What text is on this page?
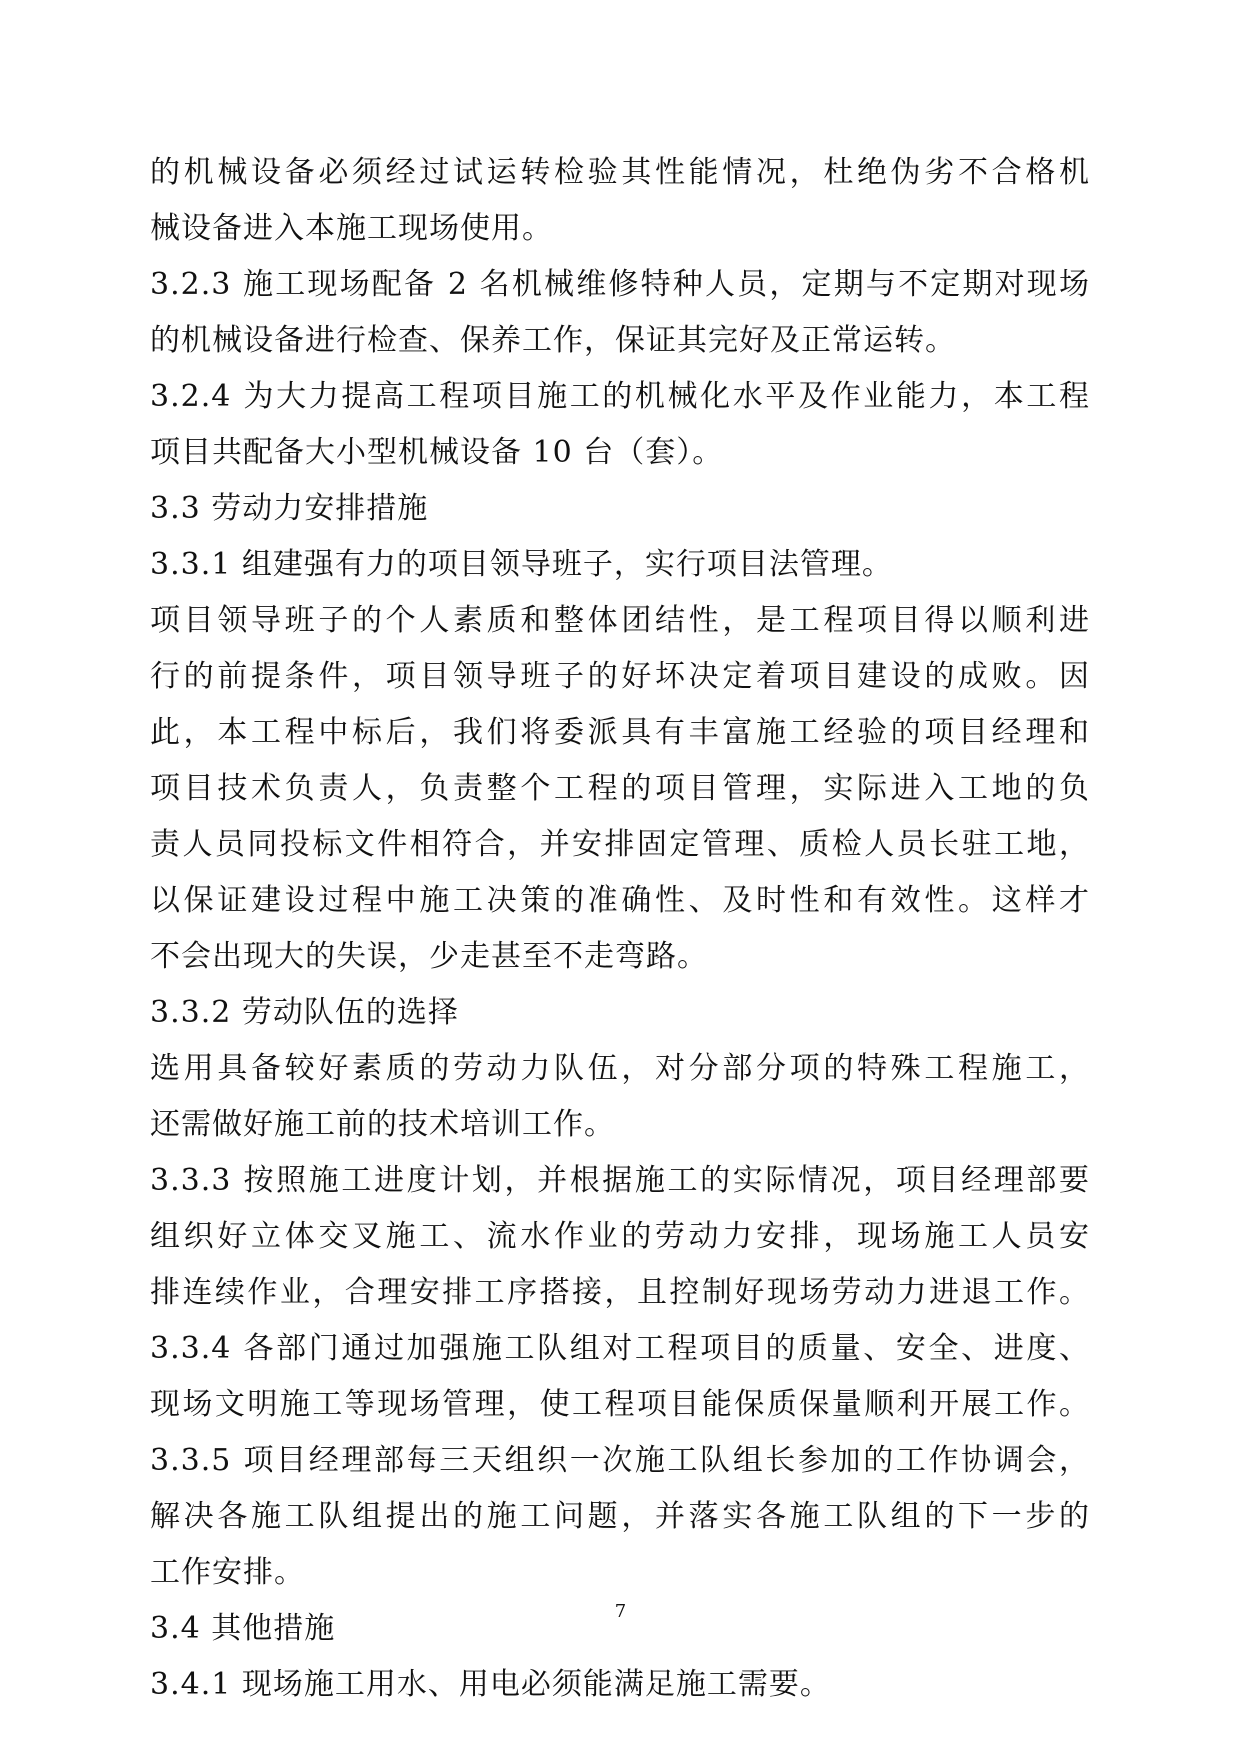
的机械设备必须经过试运转检验其性能情况，杜绝伪劣不合格机
械设备进入本施工现场使用。
3.2.3 施工现场配备 2 名机械维修特种人员，定期与不定期对现场
的机械设备进行检查、保养工作，保证其完好及正常运转。
3.2.4 为大力提高工程项目施工的机械化水平及作业能力，本工程
项目共配备大小型机械设备 10 台（套）。
3.3 劳动力安排措施
3.3.1 组建强有力的项目领导班子，实行项目法管理。
项目领导班子的个人素质和整体团结性，是工程项目得以顺利进
行的前提条件，项目领导班子的好坏决定着项目建设的成败。因
此，本工程中标后，我们将委派具有丰富施工经验的项目经理和
项目技术负责人，负责整个工程的项目管理，实际进入工地的负
责人员同投标文件相符合，并安排固定管理、质检人员长驻工地，
以保证建设过程中施工决策的准确性、及时性和有效性。这样才
不会出现大的失误，少走甚至不走弯路。
3.3.2 劳动队伍的选择
选用具备较好素质的劳动力队伍，对分部分项的特殊工程施工，
还需做好施工前的技术培训工作。
3.3.3 按照施工进度计划，并根据施工的实际情况，项目经理部要
组织好立体交叉施工、流水作业的劳动力安排，现场施工人员安
排连续作业，合理安排工序搭接，且控制好现场劳动力进退工作。
3.3.4 各部门通过加强施工队组对工程项目的质量、安全、进度、
现场文明施工等现场管理，使工程项目能保质保量顺利开展工作。
3.3.5 项目经理部每三天组织一次施工队组长参加的工作协调会，
解决各施工队组提出的施工问题，并落实各施工队组的下一步的
工作安排。
3.4 其他措施
3.4.1 现场施工用水、用电必须能满足施工需要。
7
